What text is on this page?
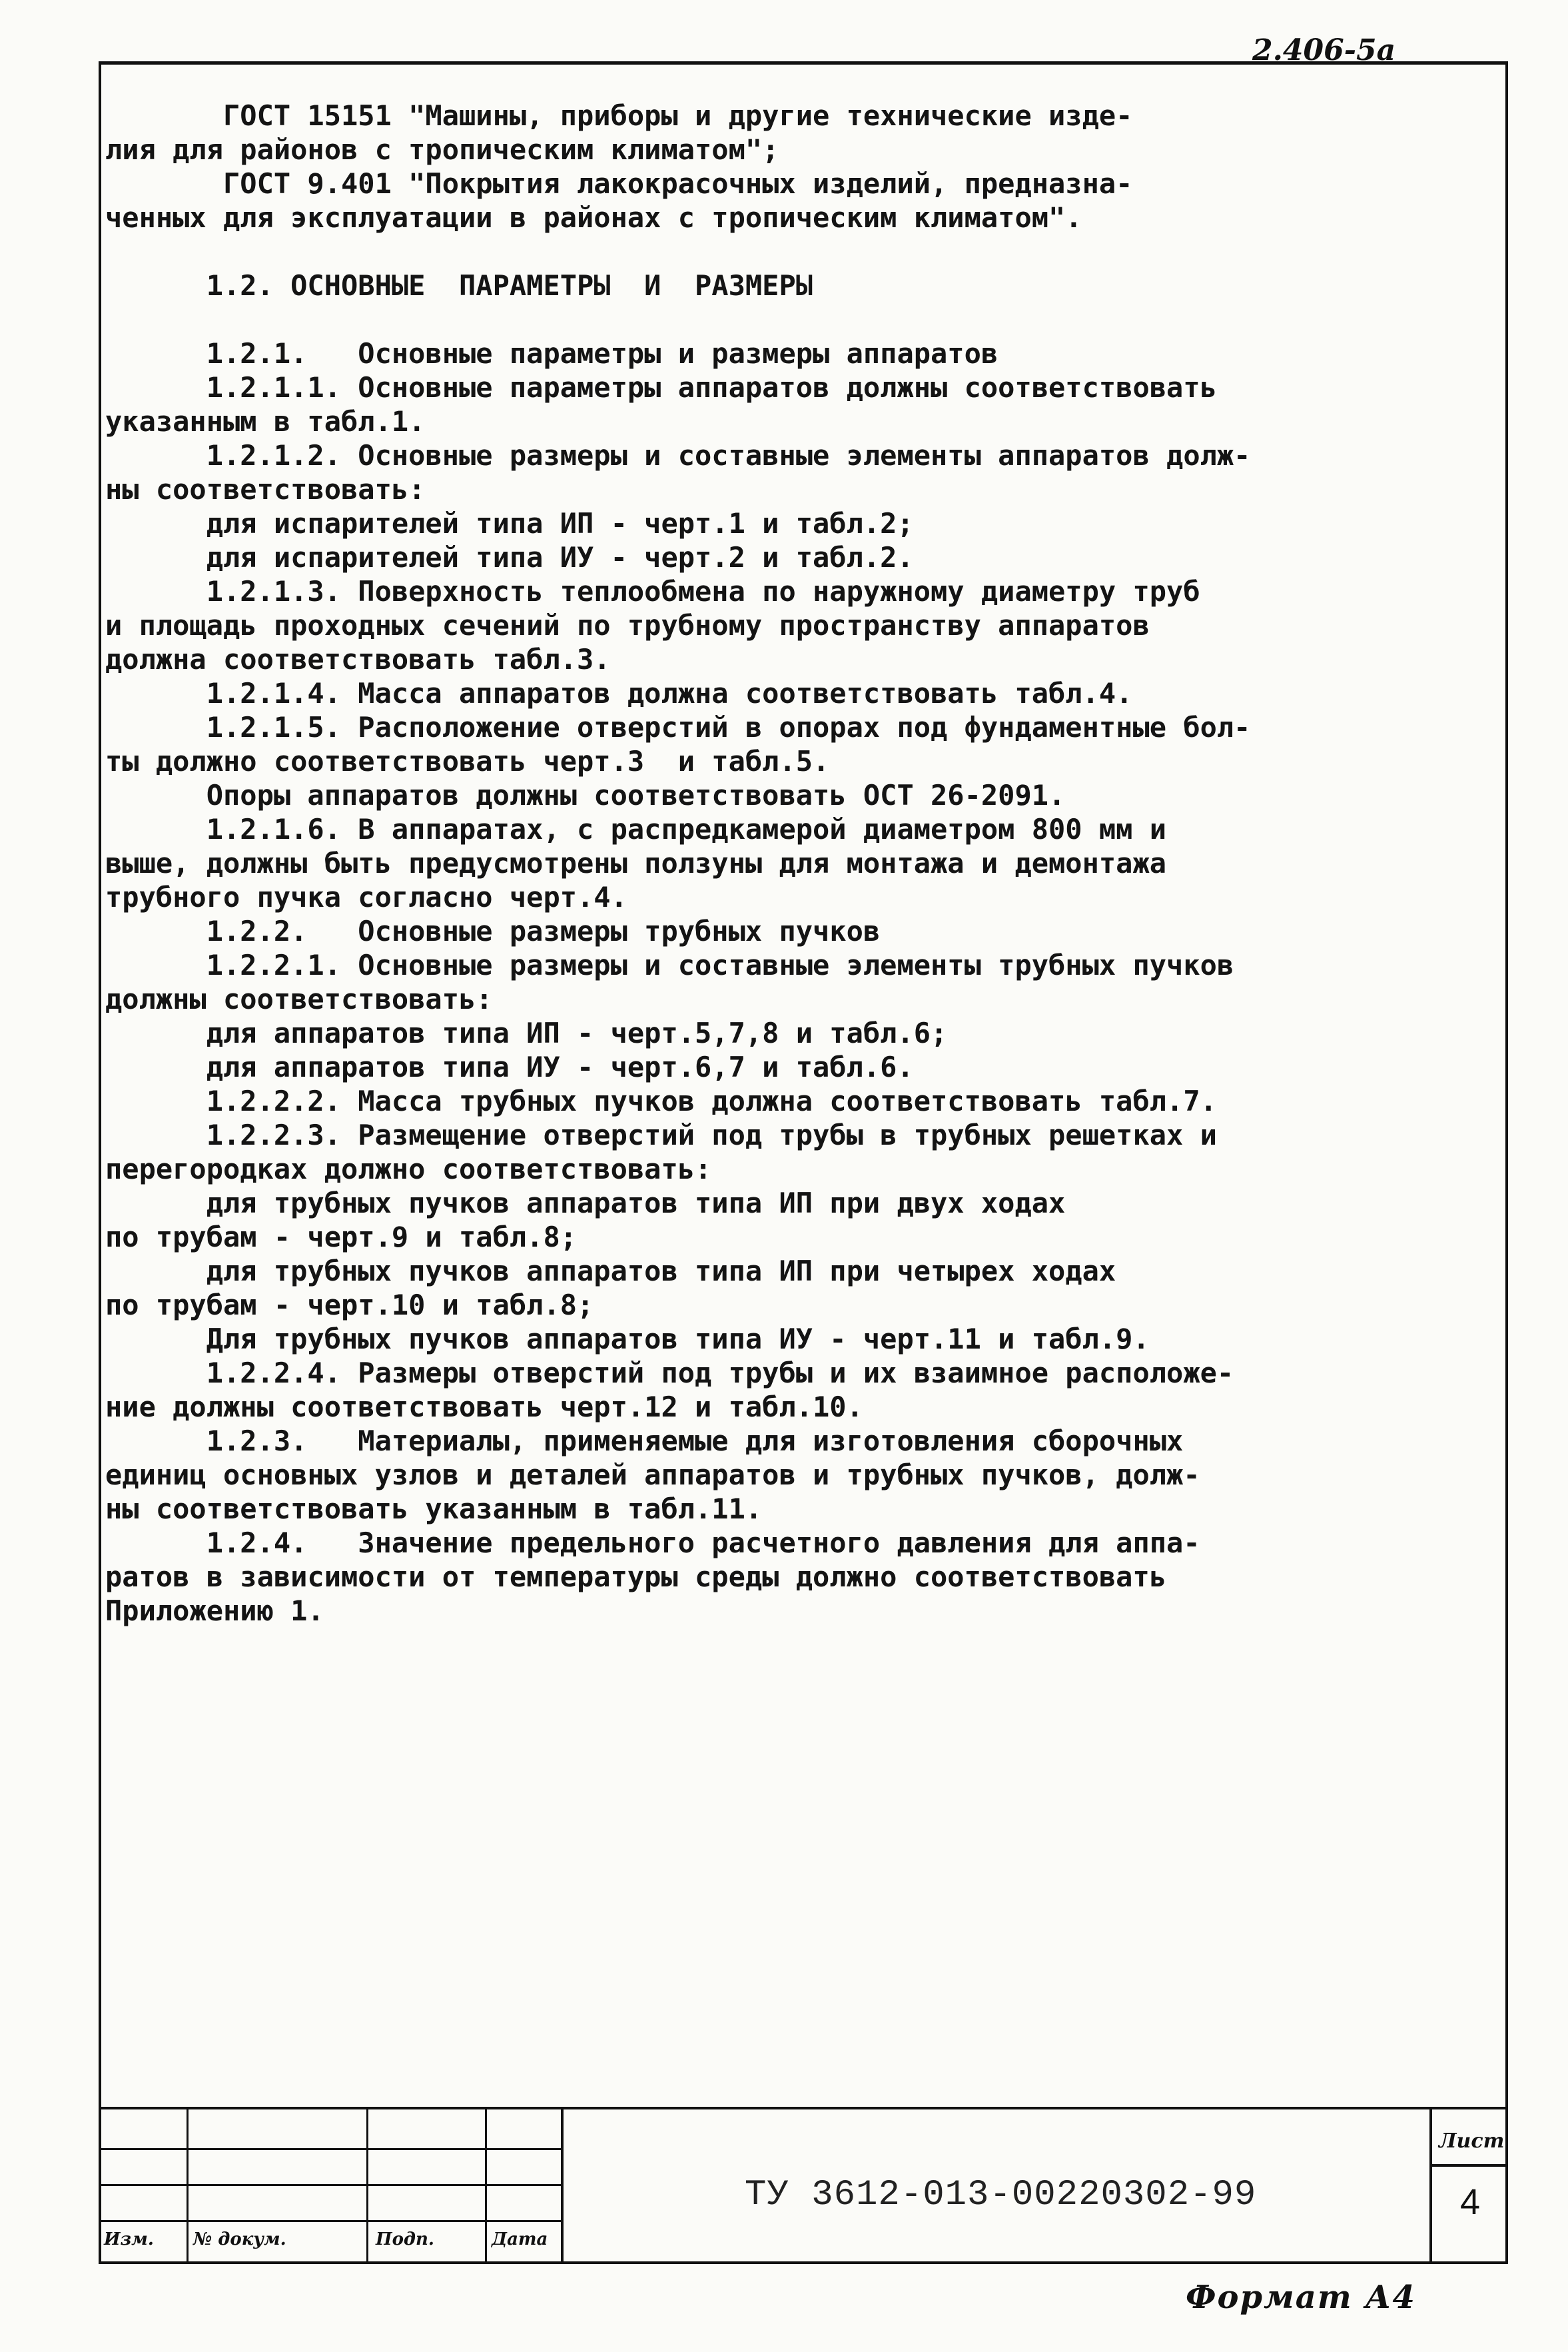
2.406-5а
ГОСТ 15151 "Машины, приборы и другие технические изде-
лия для районов с тропическим климатом";
ГОСТ 9.401 "Покрытия лакокрасочных изделий, предназна-
ченных для эксплуатации в районах с тропическим климатом".
1.2. ОСНОВНЫЕ  ПАРАМЕТРЫ  И  РАЗМЕРЫ
1.2.1.   Основные параметры и размеры аппаратов
1.2.1.1. Основные параметры аппаратов должны соответствовать
указанным в табл.1.
1.2.1.2. Основные размеры и составные элементы аппаратов долж-
ны соответствовать:
для испарителей типа ИП - черт.1 и табл.2;
для испарителей типа ИУ - черт.2 и табл.2.
1.2.1.3. Поверхность теплообмена по наружному диаметру труб
и площадь проходных сечений по трубному пространству аппаратов
должна соответствовать табл.3.
1.2.1.4. Масса аппаратов должна соответствовать табл.4.
1.2.1.5. Расположение отверстий в опорах под фундаментные бол-
ты должно соответствовать черт.3  и табл.5.
Опоры аппаратов должны соответствовать ОСТ 26-2091.
1.2.1.6. В аппаратах, с распредкамерой диаметром 800 мм и
выше, должны быть предусмотрены ползуны для монтажа и демонтажа
трубного пучка согласно черт.4.
1.2.2.   Основные размеры трубных пучков
1.2.2.1. Основные размеры и составные элементы трубных пучков
должны соответствовать:
для аппаратов типа ИП - черт.5,7,8 и табл.6;
для аппаратов типа ИУ - черт.6,7 и табл.6.
1.2.2.2. Масса трубных пучков должна соответствовать табл.7.
1.2.2.3. Размещение отверстий под трубы в трубных решетках и
перегородках должно соответствовать:
для трубных пучков аппаратов типа ИП при двух ходах
по трубам - черт.9 и табл.8;
для трубных пучков аппаратов типа ИП при четырех ходах
по трубам - черт.10 и табл.8;
Для трубных пучков аппаратов типа ИУ - черт.11 и табл.9.
1.2.2.4. Размеры отверстий под трубы и их взаимное расположе-
ние должны соответствовать черт.12 и табл.10.
1.2.3.   Материалы, применяемые для изготовления сборочных
единиц основных узлов и деталей аппаратов и трубных пучков, долж-
ны соответствовать указанным в табл.11.
1.2.4.   Значение предельного расчетного давления для аппа-
ратов в зависимости от температуры среды должно соответствовать
Приложению 1.
Изм. № докум.	Подп.	Дата
ТУ 3612-013-00220302-99
Лист
4
Формат А4
